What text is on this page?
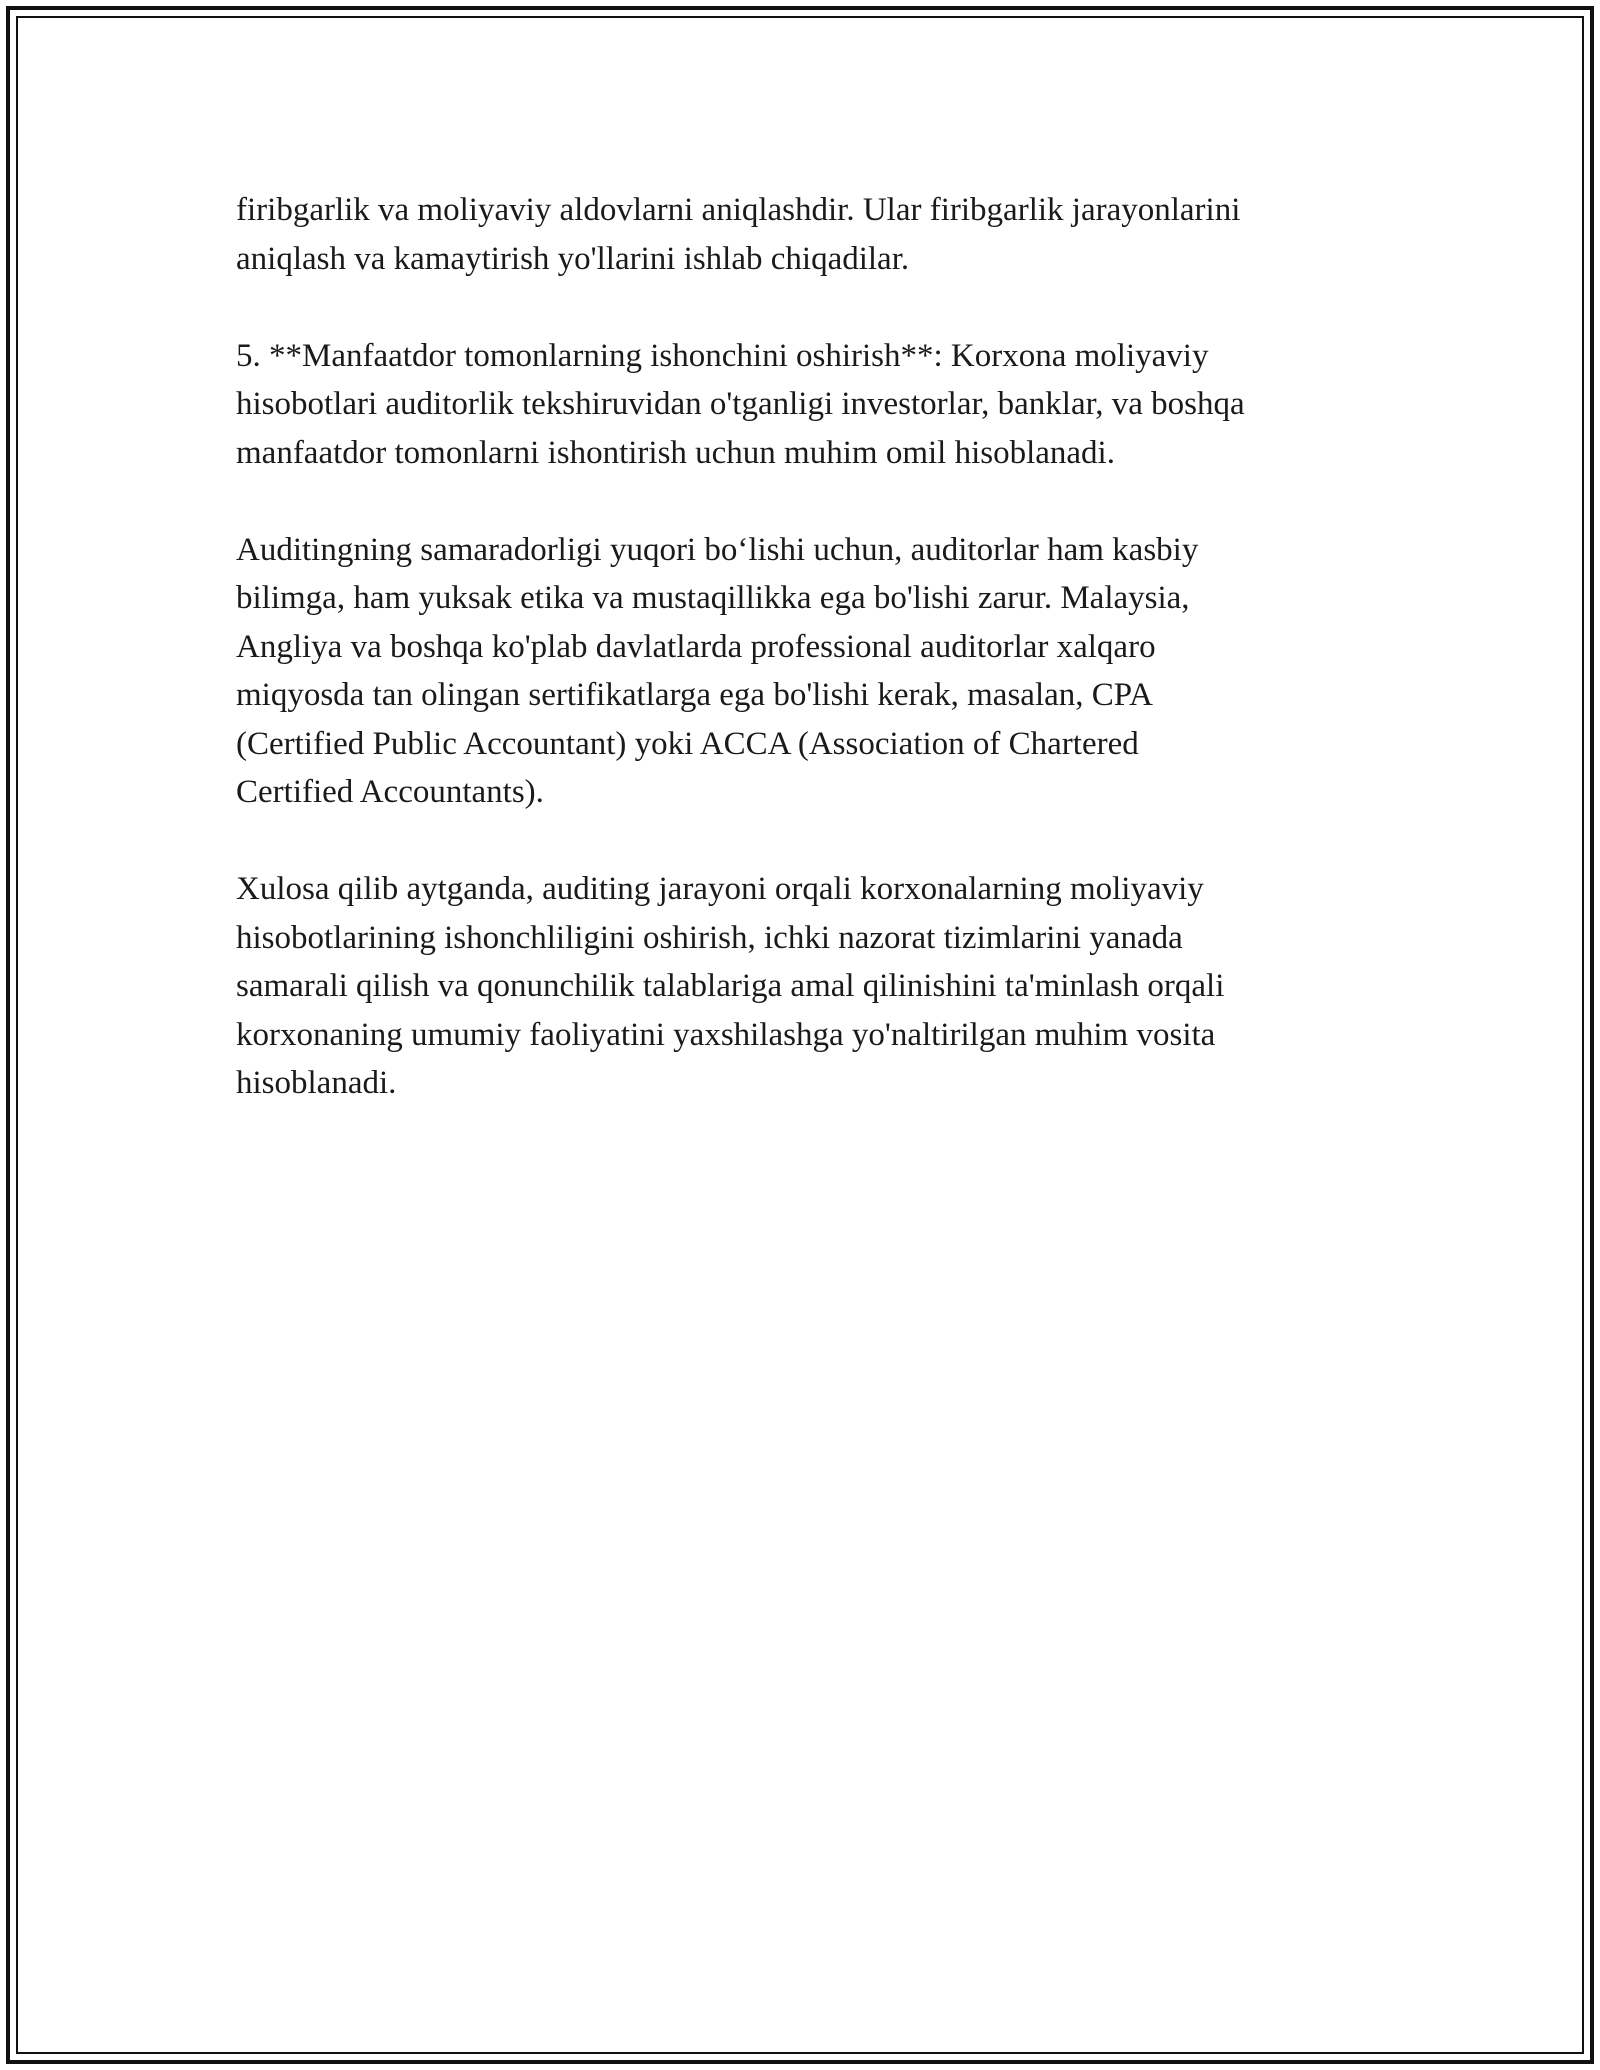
firibgarlik va moliyaviy aldovlarni aniqlashdir. Ular firibgarlik jarayonlarini
aniqlash va kamaytirish yo'llarini ishlab chiqadilar.

5. **Manfaatdor tomonlarning ishonchini oshirish**: Korxona moliyaviy
hisobotlari auditorlik tekshiruvidan o'tganligi investorlar, banklar, va boshqa
manfaatdor tomonlarni ishontirish uchun muhim omil hisoblanadi.

Auditingning samaradorligi yuqori bo‘lishi uchun, auditorlar ham kasbiy
bilimga, ham yuksak etika va mustaqillikka ega bo'lishi zarur. Malaysia,
Angliya va boshqa ko'plab davlatlarda professional auditorlar xalqaro
miqyosda tan olingan sertifikatlarga ega bo'lishi kerak, masalan, CPA
(Certified Public Accountant) yoki ACCA (Association of Chartered
Certified Accountants).

Xulosa qilib aytganda, auditing jarayoni orqali korxonalarning moliyaviy
hisobotlarining ishonchliligini oshirish, ichki nazorat tizimlarini yanada
samarali qilish va qonunchilik talablariga amal qilinishini ta'minlash orqali
korxonaning umumiy faoliyatini yaxshilashga yo'naltirilgan muhim vosita
hisoblanadi.
